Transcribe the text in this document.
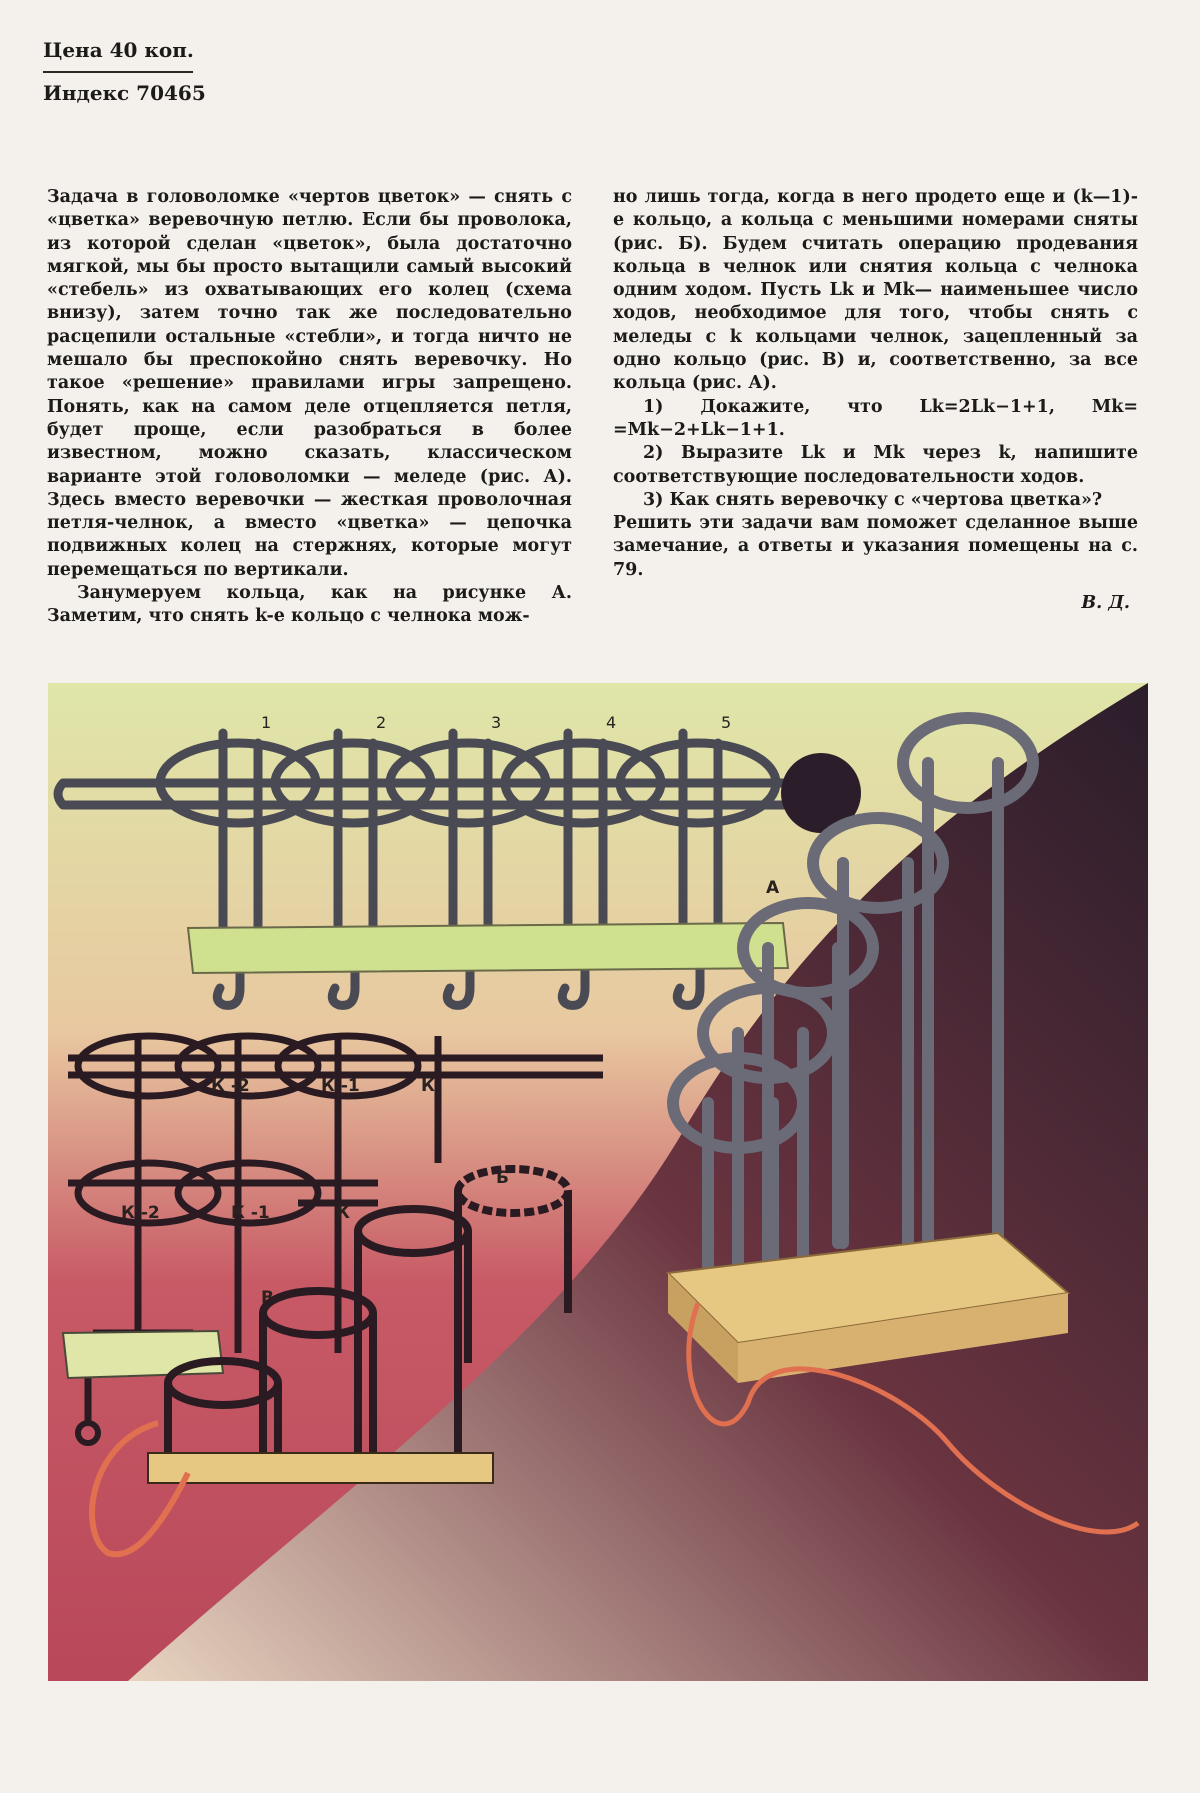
Цена 40 коп.
Индекс 70465

Задача в головоломке «чертов цветок» — снять с «цветка» веревочную петлю. Если бы проволока, из которой сделан «цветок», была достаточно мягкой, мы бы просто вытащили самый высокий «стебель» из охватывающих его колец (схема внизу), затем точно так же последовательно расцепили остальные «стебли», и тогда ничто не мешало бы преспокойно снять веревочку. Но такое «решение» правилами игры запрещено. Понять, как на самом деле отцепляется петля, будет проще, если разобраться в более известном, можно сказать, классическом варианте этой головоломки — меледе (рис. А). Здесь вместо веревочки — жесткая проволочная петля-челнок, а вместо «цветка» — цепочка подвижных колец на стержнях, которые могут перемещаться по вертикали.

Занумеруем кольца, как на рисунке А. Заметим, что снять k-е кольцо с челнока мож-

но лишь тогда, когда в него продето еще и (k—1)-е кольцо, а кольца с меньшими номерами сняты (рис. Б). Будем считать операцию продевания кольца в челнок или снятия кольца с челнока одним ходом. Пусть Lk и Mk— наименьшее число ходов, необходимое для того, чтобы снять с меледы с k кольцами челнок, зацепленный за одно кольцо (рис. В) и, соответственно, за все кольца (рис. А).

1) Докажите, что Lk=2Lk−1+1, Mk= =Mk−2+Lk−1+1.

2) Выразите Lk и Mk через k, напишите соответствующие последовательности ходов.

3) Как снять веревочку с «чертова цветка»?

Решить эти задачи вам поможет сделанное выше замечание, а ответы и указания помещены на с. 79.

В. Д.
1	2	3	4	5
А
К -2	К -1	К
Б
К -2	К -1	К
В
